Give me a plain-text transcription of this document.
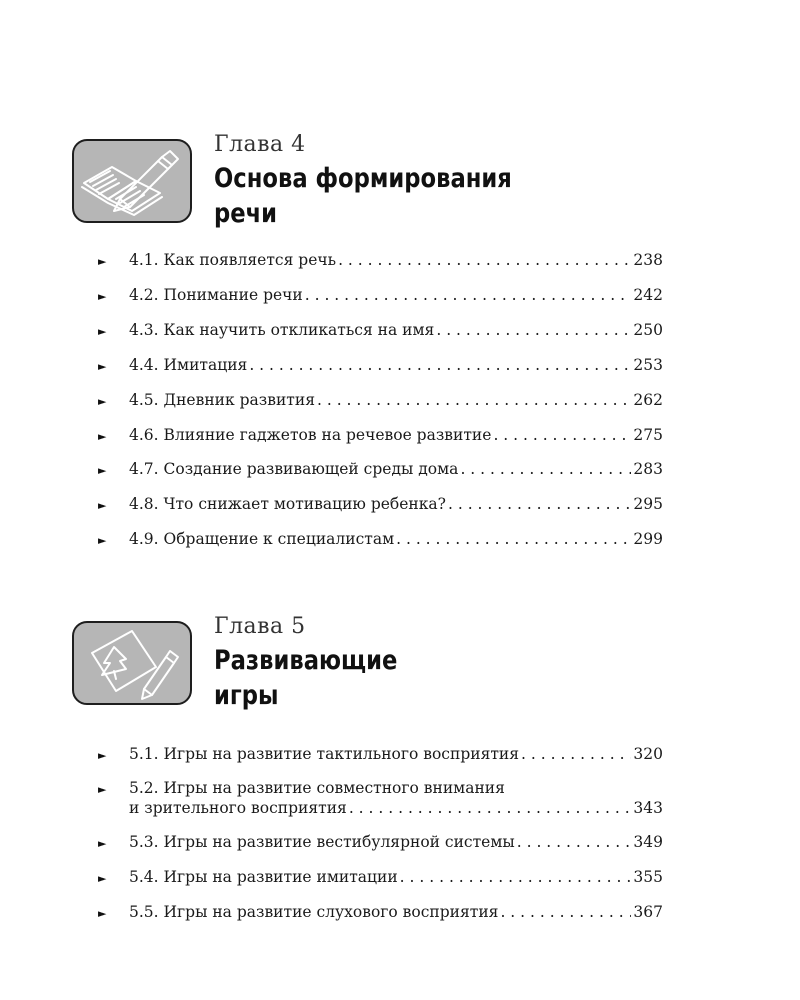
Глава 4
Основа формирования
речи
► 4.1. Как появляется речь . . .	238
► 4.2. Понимание речи . . .	242
► 4.3. Как научить откликаться на имя . . .	250
► 4.4. Имитация . . .	253
► 4.5. Дневник развития . . .	262
► 4.6. Влияние гаджетов на речевое развитие . . .	275
► 4.7. Создание развивающей среды дома . . .	283
► 4.8. Что снижает мотивацию ребенка? . . .	295
► 4.9. Обращение к специалистам . . .	299
Глава 5
Развивающие
игры
► 5.1. Игры на развитие тактильного восприятия . . .	320
► 5.2. Игры на развитие совместного внимания
и зрительного восприятия . . .	343
► 5.3. Игры на развитие вестибулярной системы . . .	349
► 5.4. Игры на развитие имитации . . .	355
► 5.5. Игры на развитие слухового восприятия . . .	367
